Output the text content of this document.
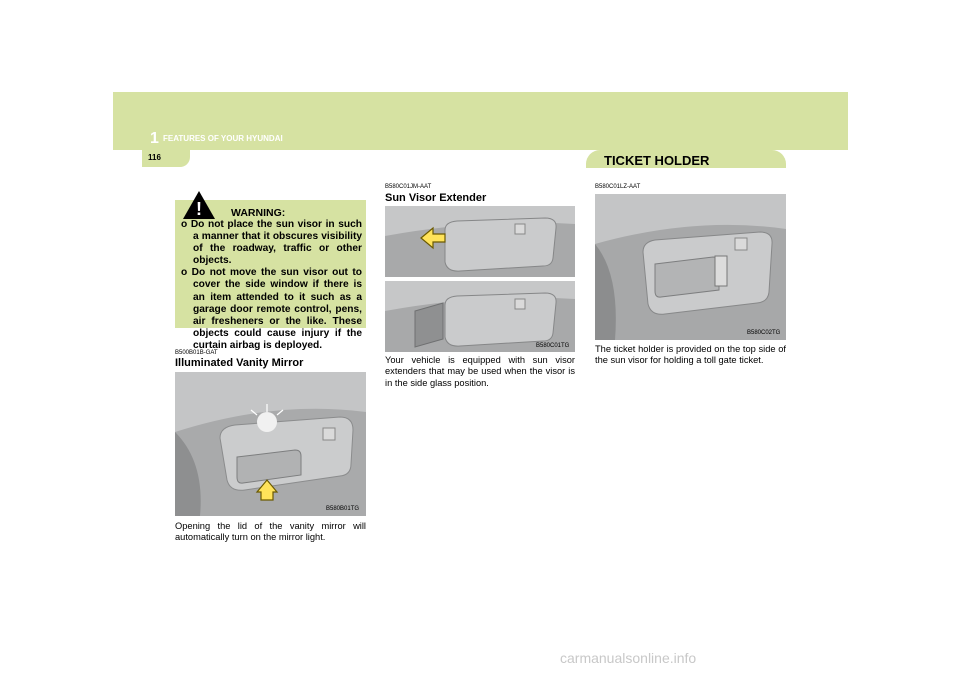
1 FEATURES OF YOUR HYUNDAI
116	TICKET HOLDER
!	WARNING:

o Do not place the sun visor in such a manner that it obscures visibility of the roadway, traffic or other objects.

o Do not move the sun visor out to cover the side window if there is an item attended to it such as a garage door remote control, pens, air fresheners or the like. These objects could cause injury if the curtain airbag is deployed.

B500B01B-GAT
Illuminated Vanity Mirror
B580B01TG
Opening the lid of the vanity mirror will automatically turn on the mirror light.
B580C01JM-AAT
Sun Visor Extender
B580C01TG
Your vehicle is equipped with sun visor extenders that may be used when the visor is in the side glass position.
B580C01LZ-AAT
B580C02TG
The ticket holder is provided on the top side of the sun visor for holding a toll gate ticket.
carmanualsonline.info
